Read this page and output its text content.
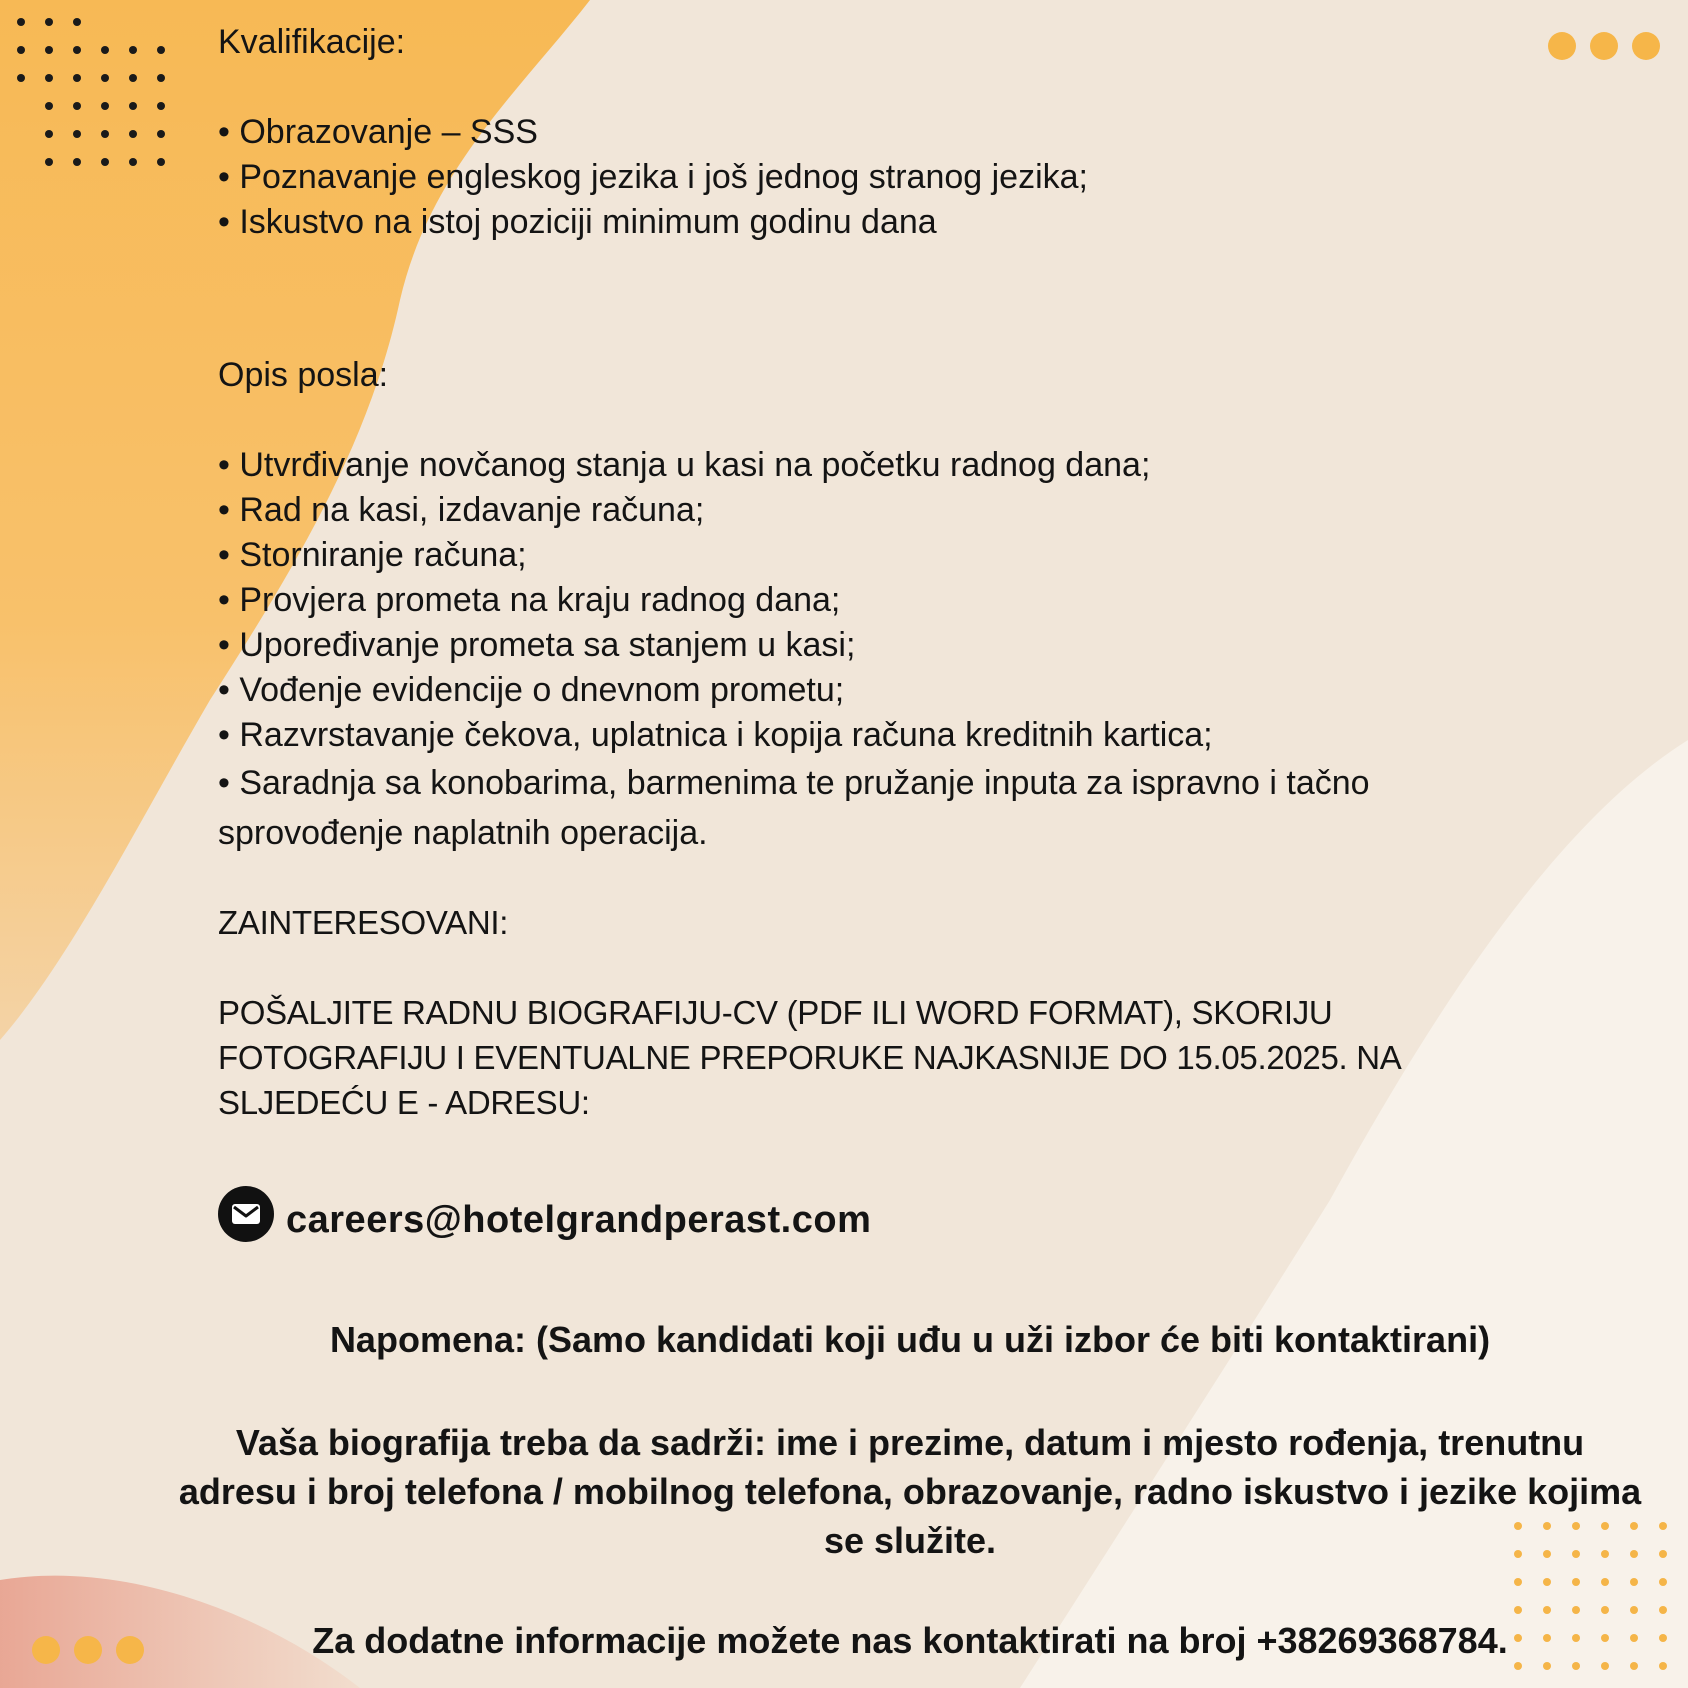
Kvalifikacije:
• Obrazovanje – SSS
• Poznavanje engleskog jezika i još jednog stranog jezika;
• Iskustvo na istoj poziciji minimum godinu dana
Opis posla:
• Utvrđivanje novčanog stanja u kasi na početku radnog dana;
• Rad na kasi, izdavanje računa;
• Storniranje računa;
• Provjera prometa na kraju radnog dana;
• Upoređivanje prometa sa stanjem u kasi;
• Vođenje evidencije o dnevnom prometu;
• Razvrstavanje čekova, uplatnica i kopija računa kreditnih kartica;
• Saradnja sa konobarima, barmenima te pružanje inputa za ispravno i tačno
sprovođenje naplatnih operacija.
ZAINTERESOVANI:
POŠALJITE RADNU BIOGRAFIJU-CV (PDF ILI WORD FORMAT), SKORIJU
FOTOGRAFIJU I EVENTUALNE PREPORUKE NAJKASNIJE DO 15.05.2025. NA
SLJEDEĆU E - ADRESU:
careers@hotelgrandperast.com
Napomena: (Samo kandidati koji uđu u uži izbor će biti kontaktirani)
Vaša biografija treba da sadrži: ime i prezime, datum i mjesto rođenja, trenutnu
adresu i broj telefona / mobilnog telefona, obrazovanje, radno iskustvo i jezike kojima
se služite.
Za dodatne informacije možete nas kontaktirati na broj +38269368784.
